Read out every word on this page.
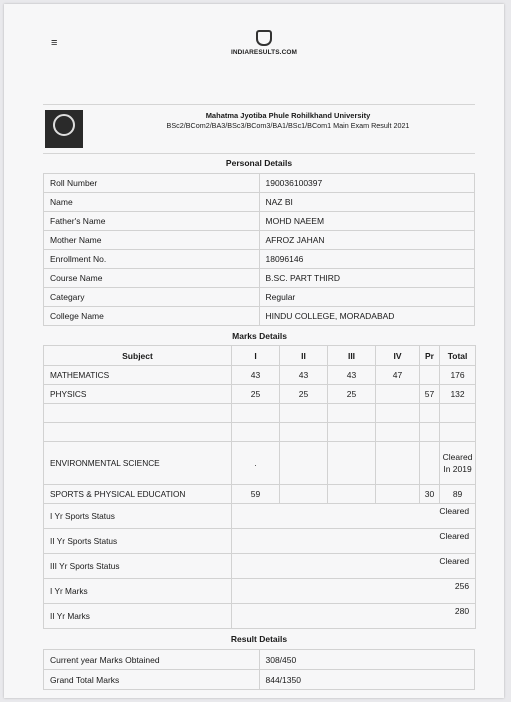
≡
INDIARESULTS.COM
Mahatma Jyotiba Phule Rohilkhand University
BSc2/BCom2/BA3/BSc3/BCom3/BA1/BSc1/BCom1 Main Exam Result 2021
Personal Details	
Roll Number	190036100397
Name	NAZ BI
Father's Name	MOHD NAEEM
Mother Name	AFROZ JAHAN
Enrollment No.	18096146
Course Name	B.SC. PART THIRD
Categary	Regular
College Name	HINDU COLLEGE, MORADABAD
Marks Details						
Subject	I	II	III	IV	Pr	Total
MATHEMATICS	43	43	43	47		176
PHYSICS	25	25	25		57	132

ENVIRONMENTAL SCIENCE	.					Cleared In 2019
SPORTS & PHYSICAL EDUCATION	59				30	89
I Yr Sports Status	Cleared					
II Yr Sports Status	Cleared					
III Yr Sports Status	Cleared					
I Yr Marks	256					
II Yr Marks	280					
Result Details	
Current year Marks Obtained	308/450
Grand Total Marks	844/1350
